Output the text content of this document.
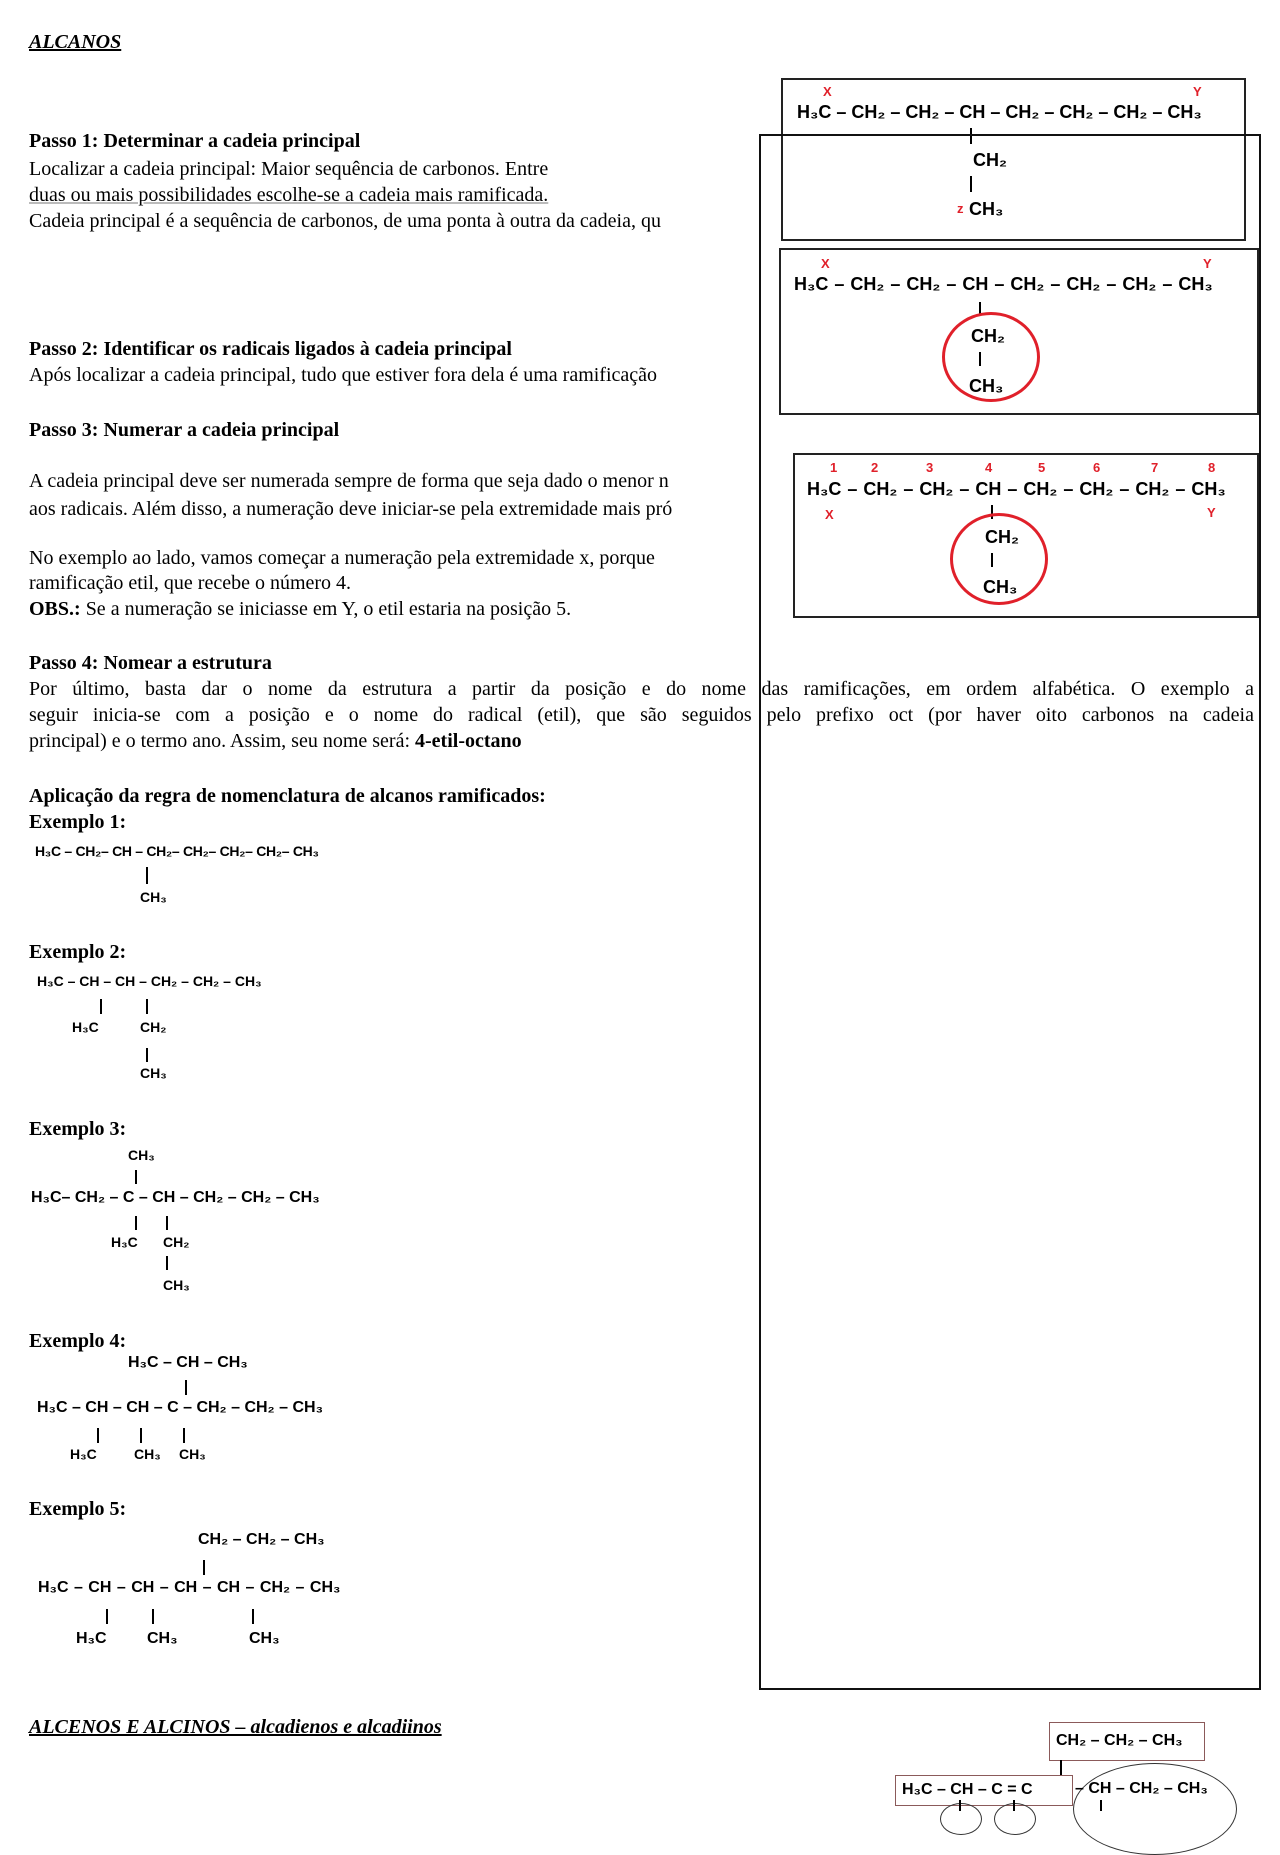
ALCANOS
Passo 1: Determinar a cadeia principal
Localizar a cadeia principal: Maior sequência de carbonos. Entre
duas ou mais possibilidades escolhe-se a cadeia mais ramificada.
Cadeia principal é a sequência de carbonos, de uma ponta à outra da cadeia, qu
Passo 2: Identificar os radicais ligados à cadeia principal
Após localizar a cadeia principal, tudo que estiver fora dela é uma ramificação
Passo 3: Numerar a cadeia principal
A cadeia principal deve ser numerada sempre de forma que seja dado o menor n
aos radicais. Além disso, a numeração deve iniciar-se pela extremidade mais pró
No exemplo ao lado, vamos começar a numeração pela extremidade x, porque
ramificação etil, que recebe o número 4.
OBS.: Se a numeração se iniciasse em Y, o etil estaria na posição 5.
Passo 4: Nomear a estrutura
Por último, basta dar o nome da estrutura a partir da posição e do nome das ramificações, em ordem alfabética. O exemplo a
seguir inicia-se com a posição e o nome do radical (etil), que são seguidos pelo prefixo oct (por haver oito carbonos na cadeia
principal) e o termo ano. Assim, seu nome será: 4-etil-octano
Aplicação da regra de nomenclatura de alcanos ramificados:
Exemplo 1:
H₃C – CH₂– CH – CH₂– CH₂– CH₂– CH₂– CH₃
CH₃
Exemplo 2:
H₃C – CH – CH – CH₂ – CH₂ – CH₃
H₃C	CH₂
CH₃
Exemplo 3:
CH₃
H₃C– CH₂ – C – CH – CH₂ – CH₂ – CH₃
H₃C CH₂
CH₃
Exemplo 4:
H₃C – CH – CH₃
H₃C – CH – CH – C – CH₂ – CH₂ – CH₃
H₃C	CH₃ CH₃
Exemplo 5:
CH₂ – CH₂ – CH₃
H₃C – CH – CH – CH – CH – CH₂ – CH₃
H₃C	CH₃	CH₃
X	Y
H₃C – CH₂ – CH₂ – CH – CH₂ – CH₂ – CH₂ – CH₃
CH₂
z CH₃
X	Y
H₃C – CH₂ – CH₂ – CH – CH₂ – CH₂ – CH₂ – CH₃
CH₂
CH₃
1	2	3	4	5	6	7	8
H₃C – CH₂ – CH₂ – CH – CH₂ – CH₂ – CH₂ – CH₃
X	Y
CH₂
CH₃
ALCENOS E ALCINOS – alcadienos e alcadiinos
CH₂ – CH₂ – CH₃
H₃C – CH – C = C	– CH – CH₂ – CH₃
